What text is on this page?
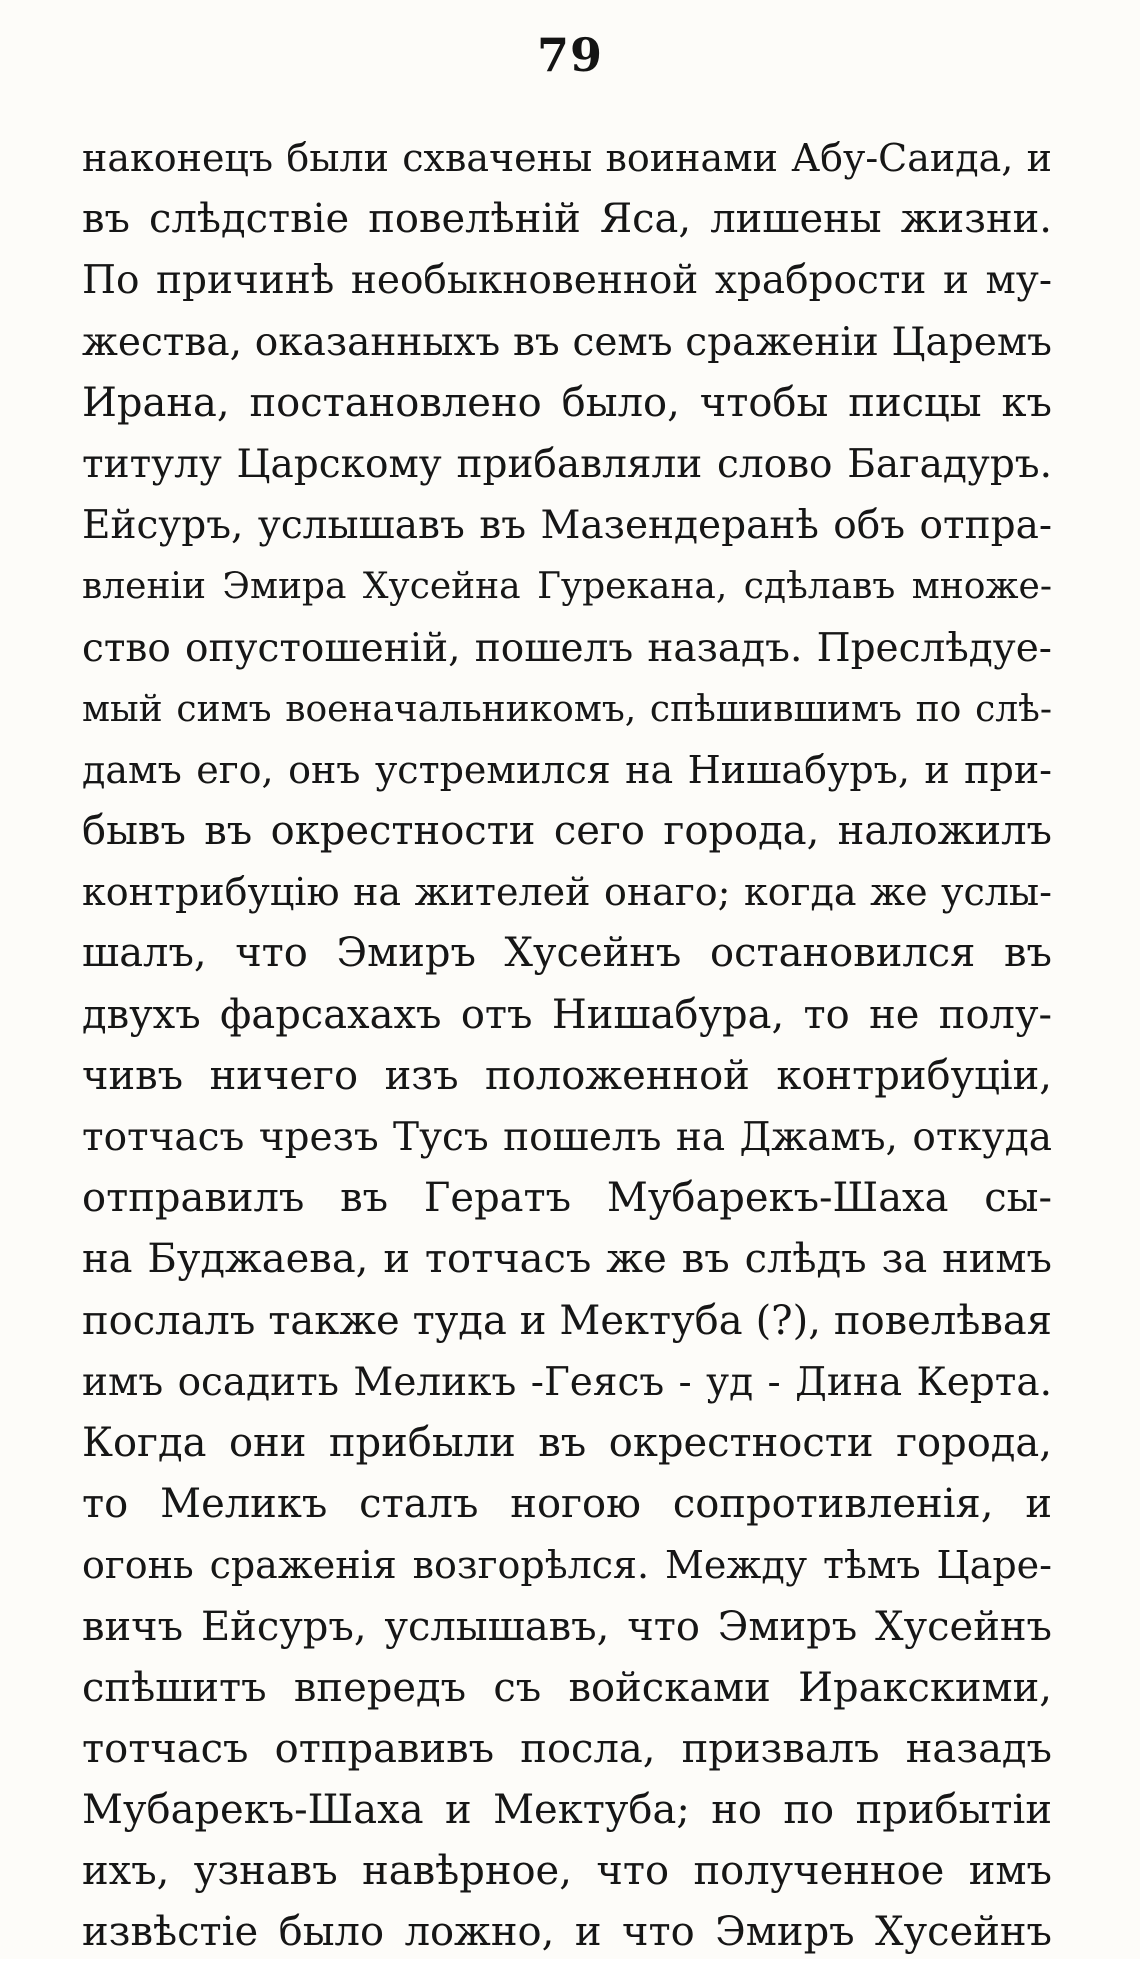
79
наконецъ были схвачены воинами Абу-Саида, и
въ слѣдствіе повелѣній Яса, лишены жизни.
По причинѣ необыкновенной храбрости и му-
жества, оказанныхъ въ семъ сраженіи Царемъ
Ирана, постановлено было, чтобы писцы къ
титулу Царскому прибавляли слово Багадуръ.
Ейсуръ, услышавъ въ Мазендеранѣ объ отпра-
вленіи Эмира Хусейна Гуреканa, сдѣлавъ множе-
ство опустошеній, пошелъ назадъ. Преслѣдуе-
мый симъ военачальникомъ, спѣшившимъ по слѣ-
дамъ его, онъ устремился на Нишабуръ, и при-
бывъ въ окрестности сего города, наложилъ
контрибуцію на жителей онаго; когда же услы-
шалъ, что Эмиръ Хусейнъ остановился въ
двухъ фарсахахъ отъ Нишабура, то не полу-
чивъ ничего изъ положенной контрибуціи,
тотчасъ чрезъ Тусъ пошелъ на Джамъ, откуда
отправилъ въ Гератъ Мубарекъ-Шаха сы-
на Буджаева, и тотчасъ же въ слѣдъ за нимъ
послалъ также туда и Мектуба (?), повелѣвая
имъ осадить Меликъ -Геясъ - уд - Дина Керта.
Когда они прибыли въ окрестности города,
то Меликъ сталъ ногою сопротивленія, и
огонь сраженія возгорѣлся. Между тѣмъ Царе-
вичъ Ейсуръ, услышавъ, что Эмиръ Хусейнъ
спѣшитъ впередъ съ войсками Иракскими,
тотчасъ отправивъ посла, призвалъ назадъ
Мубарекъ-Шаха и Мектуба; но по прибытіи
ихъ, узнавъ навѣрное, что полученное имъ
извѣстіе было ложно, и что Эмиръ Хусейнъ
